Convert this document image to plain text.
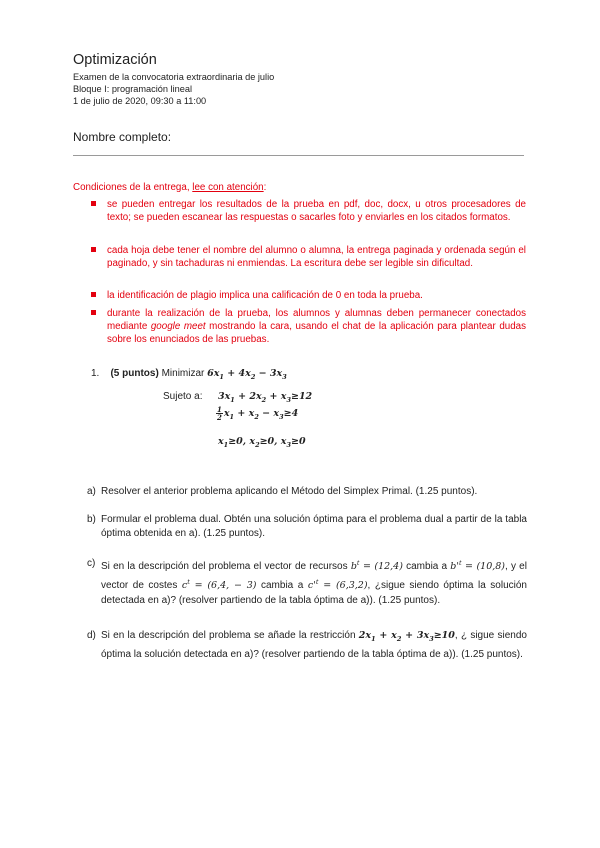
Optimización
Examen de la convocatoria extraordinaria de julio
Bloque I: programación lineal
1 de julio de 2020, 09:30 a 11:00
Nombre completo:
Condiciones de la entrega, lee con atención:
se pueden entregar los resultados de la prueba en pdf, doc, docx, u otros procesadores de texto; se pueden escanear las respuestas o sacarles foto y enviarles en los citados formatos.
cada hoja debe tener el nombre del alumno o alumna, la entrega paginada y ordenada según el paginado, y sin tachaduras ni enmiendas. La escritura debe ser legible sin dificultad.
la identificación de plagio implica una calificación de 0 en toda la prueba.
durante la realización de la prueba, los alumnos y alumnas deben permanecer conectados mediante google meet mostrando la cara, usando el chat de la aplicación para plantear dudas sobre los enunciados de las pruebas.
1. (5 puntos) Minimizar $6x_1 + 4x_2 - 3x_3$
Sujeto a: $3x_1 + 2x_2 + x_3\ge 12$
$\frac{1}{2} x_1 + x_2 - x_3\ge 4$
$x_1\ge 0$, $x_2\ge 0$, $x_3\ge 0$
a) Resolver el anterior problema aplicando el Método del Simplex Primal. (1.25 puntos).
b) Formular el problema dual. Obtén una solución óptima para el problema dual a partir de la tabla óptima obtenida en a). (1.25 puntos).
c) Si en la descripción del problema el vector de recursos $b^t = (12,4)$ cambia a $b'^t = (10,8)$, y el vector de costes $c^t = (6,4$, − 3) cambia a $c'^t = (6,3,2)$, ¿sigue siendo óptima la solución detectada en a)? (resolver partiendo de la tabla óptima de a)). (1.25 puntos).
d) Si en la descripción del problema se añade la restricción $2x_1 + x_2 + 3x_3\ge 10$, ¿ sigue siendo óptima la solución detectada en a)? (resolver partiendo de la tabla óptima de a)). (1.25 puntos).
